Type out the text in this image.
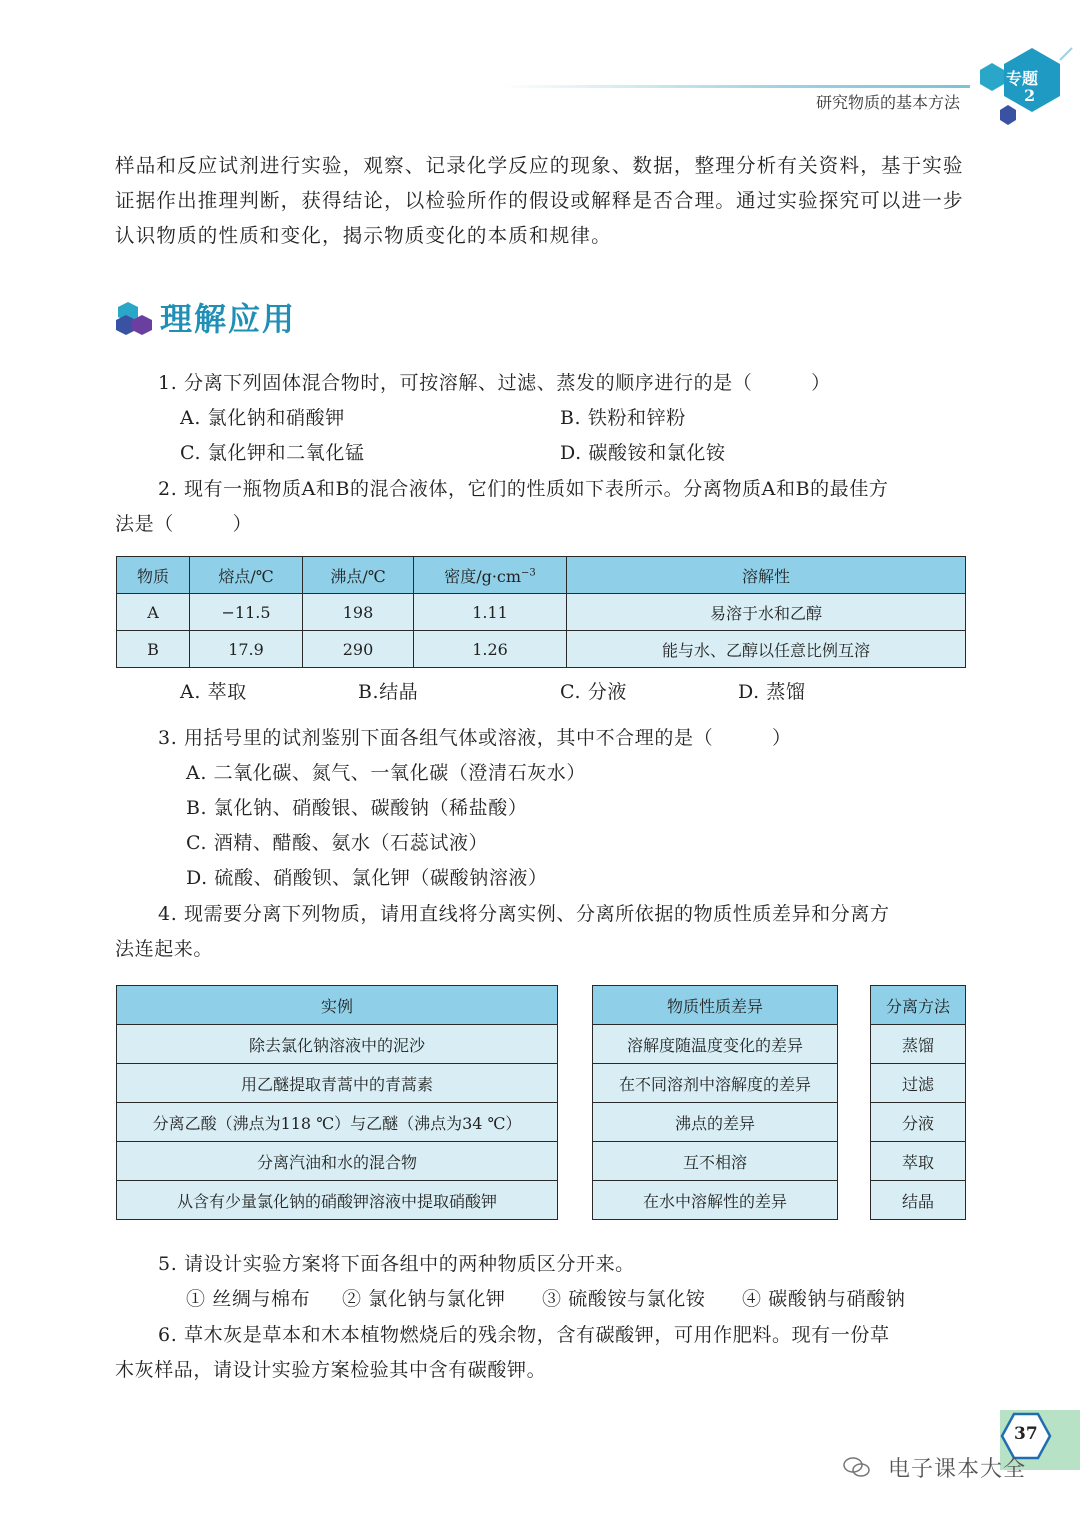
专题
2
研究物质的基本方法
样品和反应试剂进行实验，观察、记录化学反应的现象、数据，整理分析有关资料，基于实验证据作出推理判断，获得结论，以检验所作的假设或解释是否合理。通过实验探究可以进一步认识物质的性质和变化，揭示物质变化的本质和规律。
理解应用
1. 分离下列固体混合物时，可按溶解、过滤、蒸发的顺序进行的是（　　　）
A. 氯化钠和硝酸钾	B. 铁粉和锌粉
C. 氯化钾和二氧化锰	D. 碳酸铵和氯化铵
2. 现有一瓶物质A和B的混合液体，它们的性质如下表所示。分离物质A和B的最佳方
法是（　　　）
物质	熔点/℃	沸点/℃	密度$/g\cdot cm^{-3}$	溶解性
A	−11.5	198	1.11	易溶于水和乙醇
B	17.9	290	1.26	能与水、乙醇以任意比例互溶
A. 萃取	B.结晶	C. 分液	D. 蒸馏
3. 用括号里的试剂鉴别下面各组气体或溶液，其中不合理的是（　　　）
A. 二氧化碳、氮气、一氧化碳（澄清石灰水）
B. 氯化钠、硝酸银、碳酸钠（稀盐酸）
C. 酒精、醋酸、氨水（石蕊试液）
D. 硫酸、硝酸钡、氯化钾（碳酸钠溶液）
4. 现需要分离下列物质，请用直线将分离实例、分离所依据的物质性质差异和分离方
法连起来。
实例
除去氯化钠溶液中的泥沙
用乙醚提取青蒿中的青蒿素
分离乙酸（沸点为118 ℃）与乙醚（沸点为34 ℃）
分离汽油和水的混合物
从含有少量氯化钠的硝酸钾溶液中提取硝酸钾
物质性质差异
溶解度随温度变化的差异
在不同溶剂中溶解度的差异
沸点的差异
互不相溶
在水中溶解性的差异
分离方法
蒸馏
过滤
分液
萃取
结晶
5. 请设计实验方案将下面各组中的两种物质区分开来。
① 丝绸与棉布 ② 氯化钠与氯化钾 ③ 硫酸铵与氯化铵 ④ 碳酸钠与硝酸钠
6. 草木灰是草本和木本植物燃烧后的残余物，含有碳酸钾，可用作肥料。现有一份草
木灰样品，请设计实验方案检验其中含有碳酸钾。
37
电子课本大全
